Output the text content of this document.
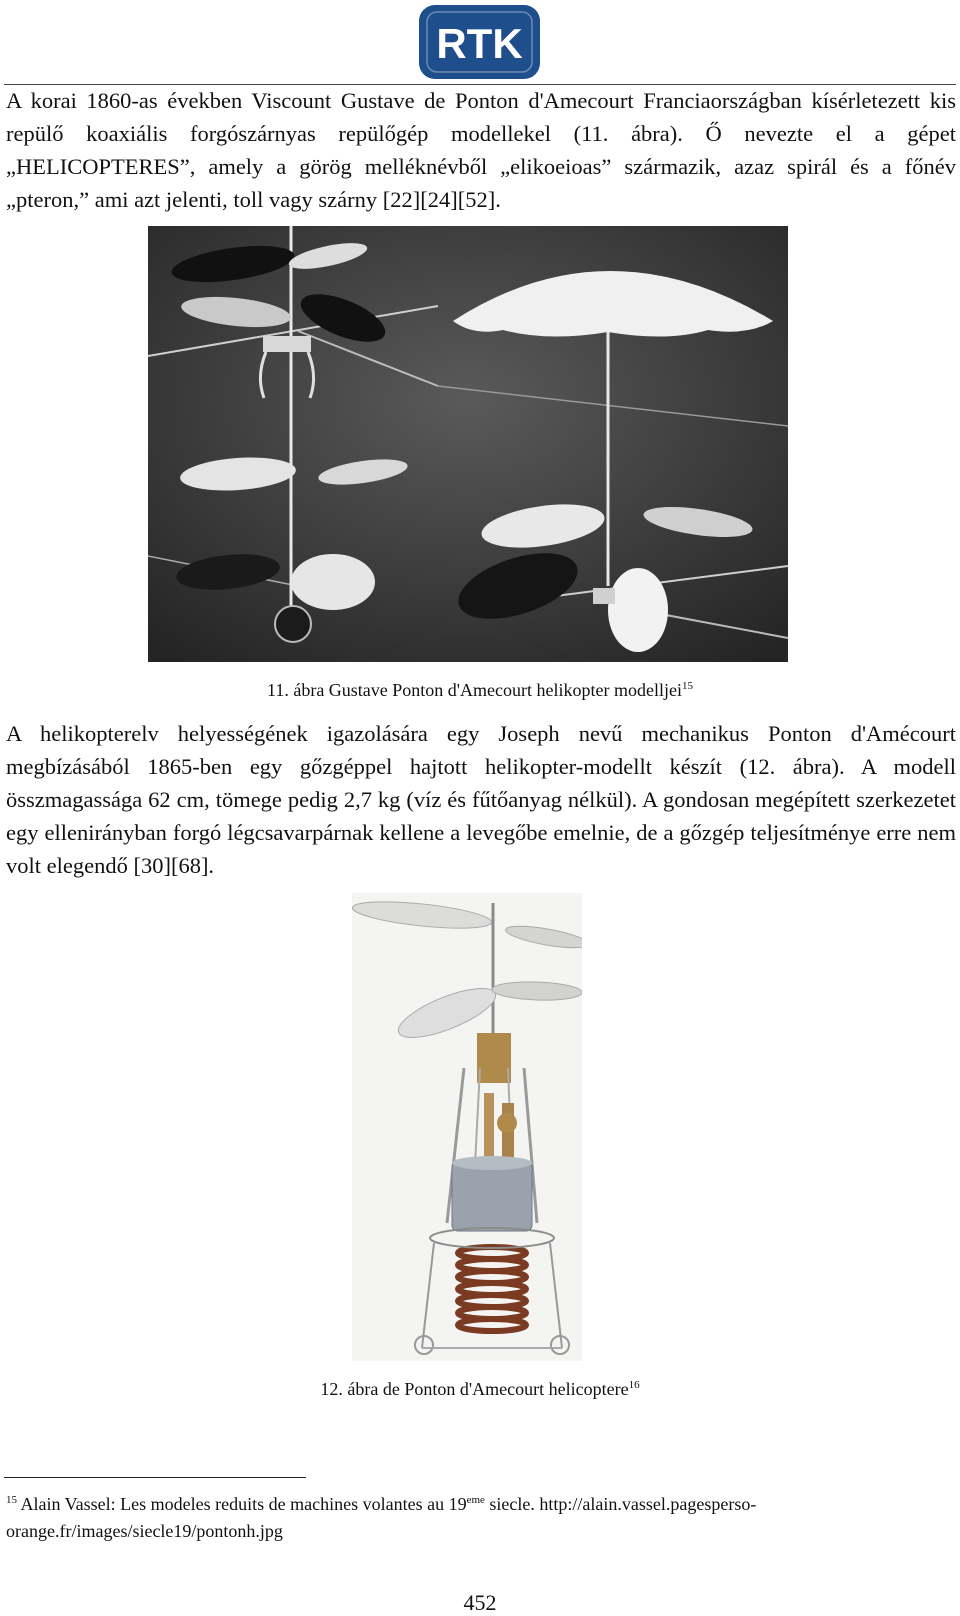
RTK

A korai 1860-as években Viscount Gustave de Ponton d'Amecourt Franciaországban kísérletezett kis repülő koaxiális forgószárnyas repülőgép modellekel (11. ábra). Ő nevezte el a gépet „HELICOPTERES”, amely a görög melléknévből „elikoeioas” származik, azaz spirál és a főnév „pteron,” ami azt jelenti, toll vagy szárny [22][24][52].

11. ábra Gustave Ponton d'Amecourt helikopter modelljei$^{15}$

A helikopterelv helyességének igazolására egy Joseph nevű mechanikus Ponton d'Amécourt megbízásából 1865-ben egy gőzgéppel hajtott helikopter-modellt készít (12. ábra). A modell összmagassága 62 cm, tömege pedig 2,7 kg (víz és fűtőanyag nélkül). A gondosan megépített szerkezetet egy ellenirányban forgó légcsavarpárnak kellene a levegőbe emelnie, de a gőzgép teljesítménye erre nem volt elegendő [30][68].

12. ábra de Ponton d'Amecourt helicoptere$^{16}$
$^{15}$ Alain Vassel: Les modeles reduits de machines volantes au 19eme siecle. http://alain.vassel.pagesperso-orange.fr/images/siecle19/pontonh.jpg
452
